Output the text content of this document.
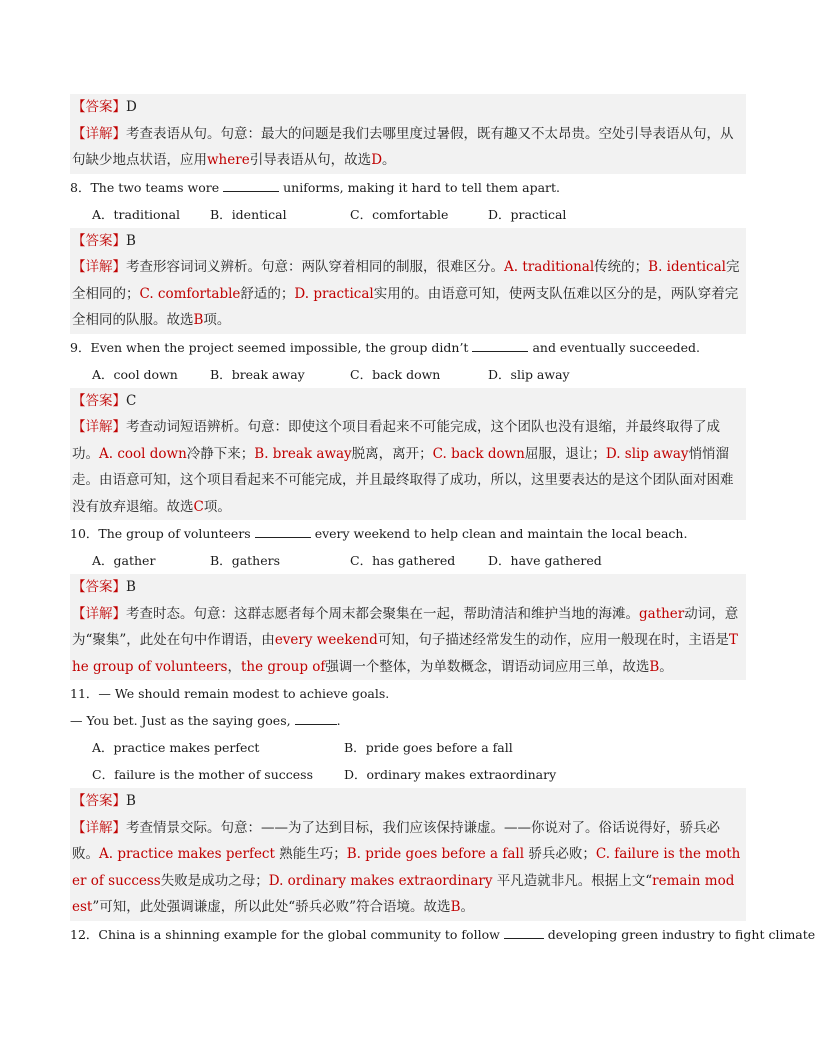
【答案】D
【详解】考查表语从句。句意：最大的问题是我们去哪里度过暑假，既有趣又不太昂贵。空处引导表语从句，从句缺少地点状语，应用where引导表语从句，故选D。
8．The two teams wore	uniforms, making it hard to tell them apart.
A．traditional	B．identical	C．comfortable	D．practical
【答案】B
【详解】考查形容词词义辨析。句意：两队穿着相同的制服，很难区分。A. traditional传统的；B. identical完全相同的；C. comfortable舒适的；D. practical实用的。由语意可知，使两支队伍难以区分的是，两队穿着完全相同的队服。故选B项。
9．Even when the project seemed impossible, the group didn’t	and eventually succeeded.
A．cool down	B．break away	C．back down	D．slip away
【答案】C
【详解】考查动词短语辨析。句意：即使这个项目看起来不可能完成，这个团队也没有退缩，并最终取得了成功。A. cool down冷静下来；B. break away脱离，离开；C. back down屈服，退让；D. slip away悄悄溜走。由语意可知，这个项目看起来不可能完成，并且最终取得了成功，所以，这里要表达的是这个团队面对困难没有放弃退缩。故选C项。
10．The group of volunteers	every weekend to help clean and maintain the local beach.
A．gather	B．gathers	C．has gathered	D．have gathered
【答案】B
【详解】考查时态。句意：这群志愿者每个周末都会聚集在一起，帮助清洁和维护当地的海滩。gather动词，意为“聚集”，此处在句中作谓语，由every weekend可知，句子描述经常发生的动作，应用一般现在时，主语是The group of volunteers，the group of强调一个整体，为单数概念，谓语动词应用三单，故选B。
11．— We should remain modest to achieve goals.
— You bet. Just as the saying goes,	.
A．practice makes perfect	B．pride goes before a fall
C．failure is the mother of success	D．ordinary makes extraordinary
【答案】B
【详解】考查情景交际。句意：——为了达到目标，我们应该保持谦虚。——你说对了。俗话说得好，骄兵必败。A. practice makes perfect 熟能生巧；B. pride goes before a fall 骄兵必败；C. failure is the mother of success失败是成功之母；D. ordinary makes extraordinary 平凡造就非凡。根据上文“remain modest”可知，此处强调谦虚，所以此处“骄兵必败”符合语境。故选B。
12．China is a shinning example for the global community to follow	developing green industry to fight climate
